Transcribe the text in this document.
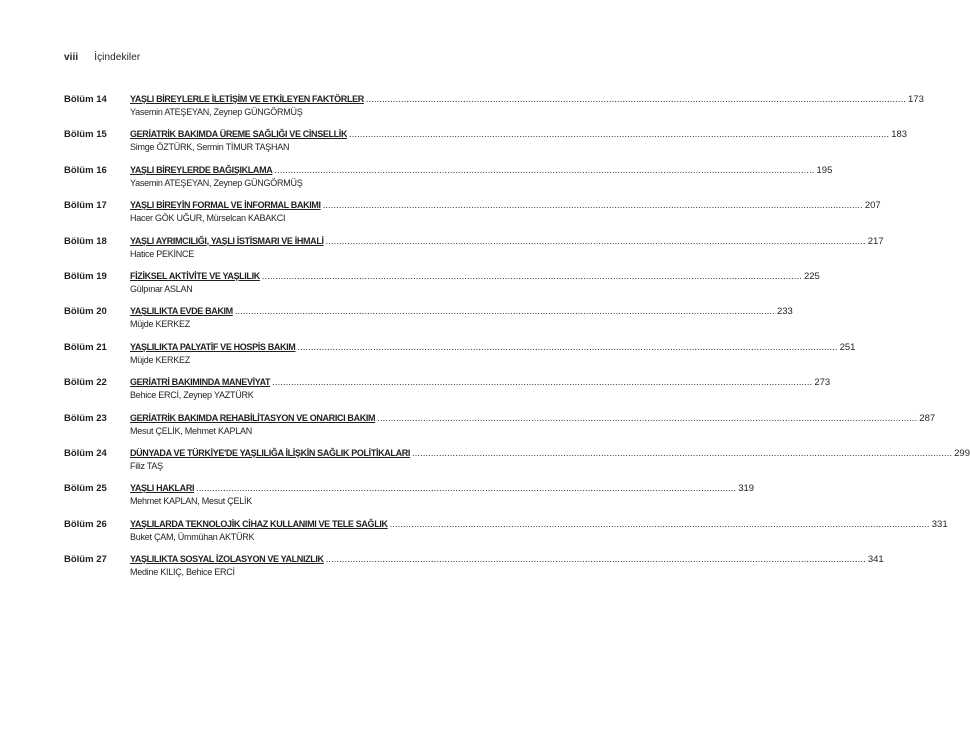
viii İçindekiler
Bölüm 14	YAŞLI BİREYLERLE İLETİŞİM VE ETKİLEYEN FAKTÖRLER ........................................................................................................................................................................................................ 173
Yasemin ATEŞEYAN, Zeynep GÜNGÖRMÜŞ
Bölüm 15	GERİATRİK BAKIMDA ÜREME SAĞLIĞI VE CİNSELLİK ........................................................................................................................................................................................................ 183
Simge ÖZTÜRK, Sermin TİMUR TAŞHAN
Bölüm 16	YAŞLI BİREYLERDE BAĞIŞIKLAMA ........................................................................................................................................................................................................ 195
Yasemin ATEŞEYAN, Zeynep GÜNGÖRMÜŞ
Bölüm 17	YAŞLI BİREYİN FORMAL VE İNFORMAL BAKIMI ........................................................................................................................................................................................................ 207
Hacer GÖK UĞUR, Mürselcan KABAKCI
Bölüm 18	YAŞLI AYRIMCILIĞI, YAŞLI İSTİSMARI VE İHMALİ ........................................................................................................................................................................................................ 217
Hatice PEKİNCE
Bölüm 19	FİZİKSEL AKTİVİTE VE YAŞLILIK ........................................................................................................................................................................................................ 225
Gülpınar ASLAN
Bölüm 20	YAŞLILIKTA EVDE BAKIM ........................................................................................................................................................................................................ 233
Müjde KERKEZ
Bölüm 21	YAŞLILIKTA PALYATİF VE HOSPİS BAKIM ........................................................................................................................................................................................................ 251
Müjde KERKEZ
Bölüm 22	GERİATRİ BAKIMINDA MANEVİYAT ........................................................................................................................................................................................................ 273
Behice ERCİ, Zeynep YAZTÜRK
Bölüm 23	GERİATRİK BAKIMDA REHABİLİTASYON VE ONARICI BAKIM ........................................................................................................................................................................................................ 287
Mesut ÇELİK, Mehmet KAPLAN
Bölüm 24	DÜNYADA VE TÜRKİYE'DE YAŞLILIĞA İLİŞKİN SAĞLIK POLİTİKALARI ........................................................................................................................................................................................................ 299
Filiz TAŞ
Bölüm 25	YAŞLI HAKLARI ........................................................................................................................................................................................................ 319
Mehmet KAPLAN, Mesut ÇELİK
Bölüm 26	YAŞLILARDA TEKNOLOJİK CİHAZ KULLANIMI VE TELE SAĞLIK ........................................................................................................................................................................................................ 331
Buket ÇAM, Ümmühan AKTÜRK
Bölüm 27	YAŞLILIKTA SOSYAL İZOLASYON VE YALNIZLIK ........................................................................................................................................................................................................ 341
Medine KILIÇ, Behice ERCİ
